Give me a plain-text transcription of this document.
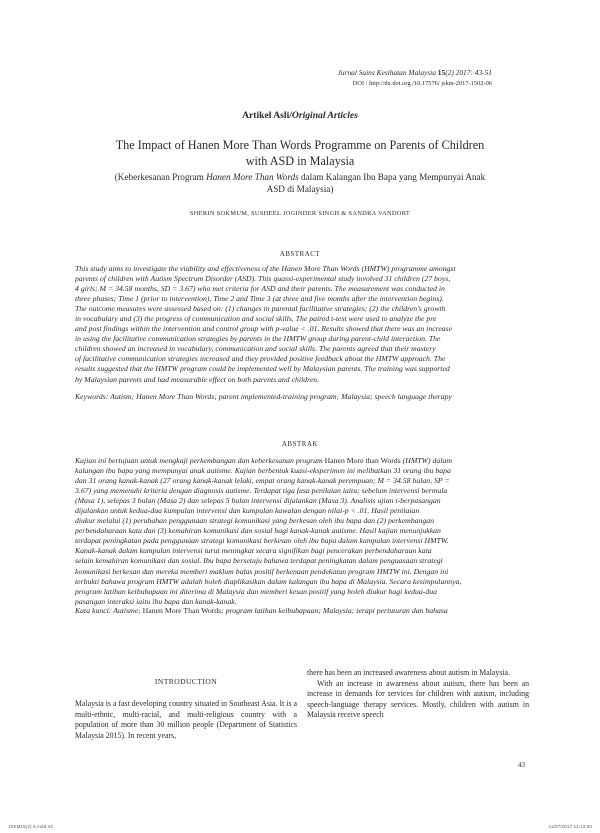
Jurnal Sains Kesihatan Malaysia 15(2) 2017: 43-51
DOI : http://dx.doi.org./10.17576/ jskm-2017-1502-06
Artikel Asli/Original Articles
The Impact of Hanen More Than Words Programme on Parents of Children with ASD in Malaysia
(Keberkesanan Program Hanen More Than Words dalam Kalangan Ibu Bapa yang Mempunyai Anak ASD di Malaysia)
SHERIN SOKMUM, SUSHEEL JOGINDER SINGH & SANDRA VANDORT
ABSTRACT
This study aims to investigate the viability and effectiveness of the Hanen More Than Words (HMTW) programme amongst
parents of children with Autism Spectrum Disorder (ASD). This quassi-experimental study involved 31 children (27 boys,
4 girls; M = 34.58 months, SD = 3.67) who met criteria for ASD and their parents. The measurement was conducted in
three phases; Time 1 (prior to intervention), Time 2 and Time 3 (at three and five months after the intervention begins).
The outcome measures were assessed based on: (1) changes in parental facilitative strategies; (2) the children's growth
in vocabulary and (3) the progress of communication and social skills. The paired t-test were used to analyze the pre
and post findings within the intervention and control group with p-value < .01. Results showed that there was an increase
in using the facilitative communication strategies by parents in the HMTW group during parent-child interaction. The
children showed an increased in vocabulary, communication and social skills. The parents agreed that their mastery
of facilitative communication strategies increased and they provided positive feedback about the HMTW approach. The
results suggested that the HMTW program could be implemented well by Malaysian parents. The training was supported
by Malaysian parents and had measurable effect on both parents and children.
Keywords: Autism; Hanen More Than Words; parent implemented-training program; Malaysia; speech language therapy
ABSTRAK
Kajian ini bertujuan untuk mengkaji perkembangan dan keberkesanan program Hanen More than Words (HMTW) dalam
kalangan ibu bapa yang mempunyai anak autisme. Kajian berbentuk kuasi-eksperimen ini melibatkan 31 orang ibu bapa
dan 31 orang kanak-kanak (27 orang kanak-kanak lelaki, empat orang kanak-kanak perempuan; M = 34.58 bulan, SP =
3.67) yang memenuhi kriteria dengan diagnosis autisme. Terdapat tiga fasa penilaian iaitu; sebelum intervensi bermula
(Masa 1), selepas 3 bulan (Masa 2) dan selepas 5 bulan intervensi dijalankan (Masa 3). Analisis ujian t-berpasangan
dijalankan untuk kedua-dua kumpulan intervensi dan kumpulan kawalan dengan nilai-p < .01. Hasil penilaian
diukur melalui (1) perubahan penggunaan strategi komunikasi yang berkesan oleh ibu bapa dan (2) perkembangan
perbendaharaan kata dan (3) kemahiran komunikasi dan sosial bagi kanak-kanak autisme. Hasil kajian menunjukkan
terdapat peningkatan pada penggunaan strategi komunikasi berkesan oleh ibu bapa dalam kumpulan intervensi HMTW.
Kanak-kanak dalam kumpulan intervensi turut meningkat secara signifikan bagi pencerakan perbendaharaan kata
selain kemahiran komunikasi dan sosial. Ibu bapa bersetuju bahawa terdapat peningkatan dalam penguasaan strategi
komunikasi berkesan dan mereka memberi maklum balas positif berkenaan pendekatan program HMTW ini. Dengan ini
terbukti bahawa program HMTW adalah boleh diaplikasikan dalam kalangan ibu bapa di Malaysia. Secara kesimpulannya,
program latihan keibubapaan ini diterima di Malaysia dan memberi kesan positif yang boleh diukur bagi kedua-dua
pasangan interaksi iaitu ibu bapa dan kanak-kanak.
Kata kunci: Autisme; Hanen More Than Words; program latihan keibubapaan; Malaysia; terapi pertuturan dan bahasa
INTRODUCTION

Malaysia is a fast developing country situated in Southeast Asia. It is a multi-ethnic, multi-racial, and multi-religious country with a population of more than 30 million people (Department of Statistics Malaysia 2015). In recent years,

there has been an increased awareness about autism in Malaysia.

With an increase in awareness about autism, there has been an increase in demands for services for children with autism, including speech-language therapy services. Mostly, children with autism in Malaysia receive speech

43
JSKM15(2) 6.indd 43	11/07/2017 11:13:00
